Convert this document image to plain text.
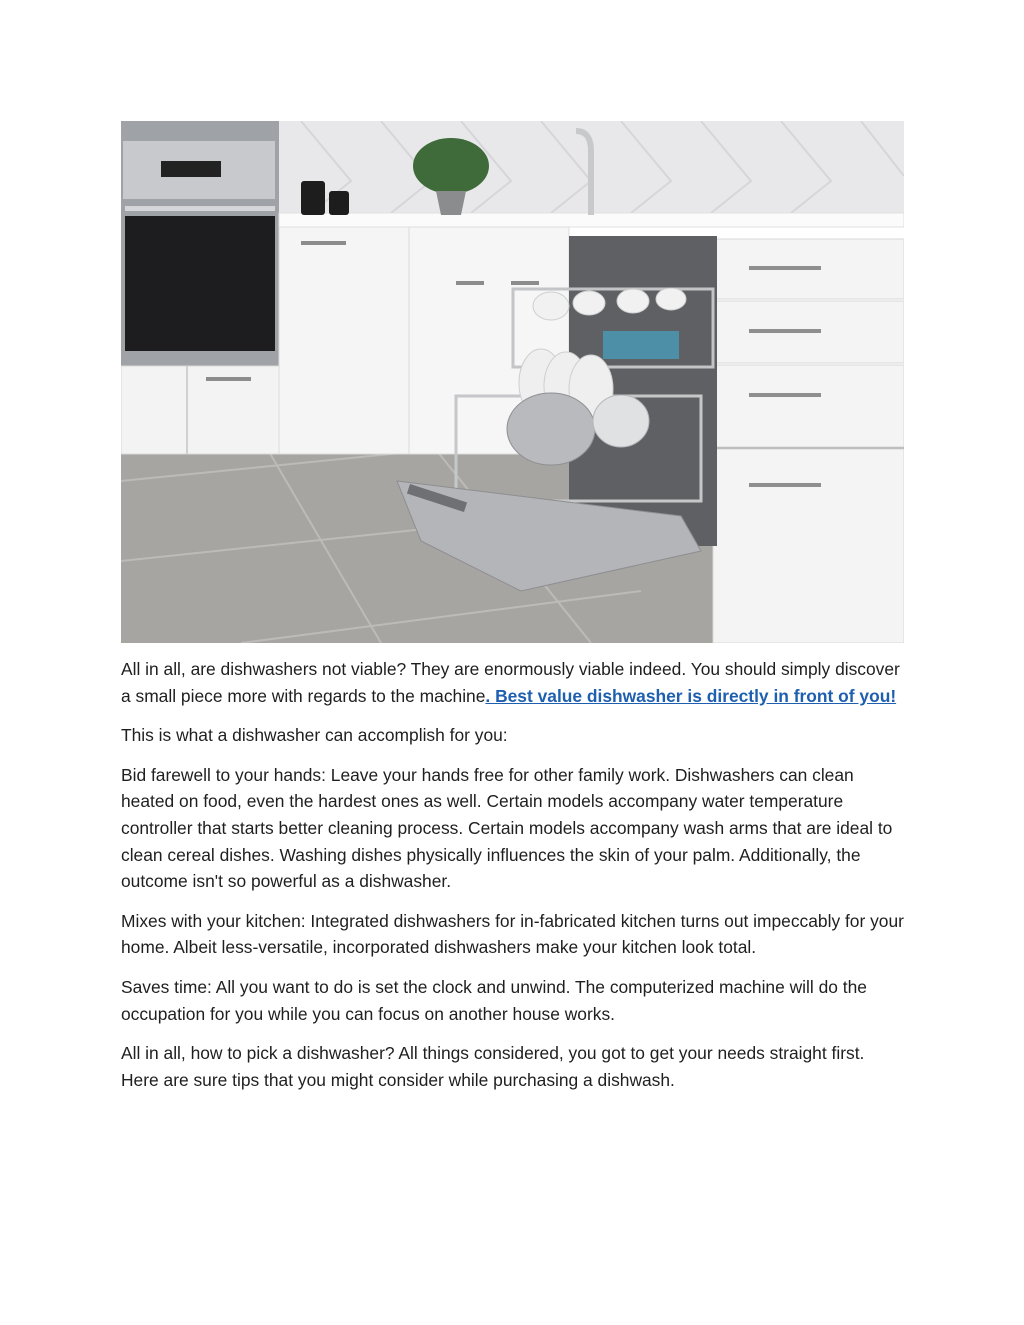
All in all, are dishwashers not viable? They are enormously viable indeed. You should simply discover a small piece more with regards to the machine. Best value dishwasher is directly in front of you!

This is what a dishwasher can accomplish for you:

Bid farewell to your hands: Leave your hands free for other family work. Dishwashers can clean heated on food, even the hardest ones as well. Certain models accompany water temperature controller that starts better cleaning process. Certain models accompany wash arms that are ideal to clean cereal dishes. Washing dishes physically influences the skin of your palm. Additionally, the outcome isn't so powerful as a dishwasher.

Mixes with your kitchen: Integrated dishwashers for in-fabricated kitchen turns out impeccably for your home. Albeit less-versatile, incorporated dishwashers make your kitchen look total.

Saves time: All you want to do is set the clock and unwind. The computerized machine will do the occupation for you while you can focus on another house works.

All in all, how to pick a dishwasher? All things considered, you got to get your needs straight first. Here are sure tips that you might consider while purchasing a dishwash.
